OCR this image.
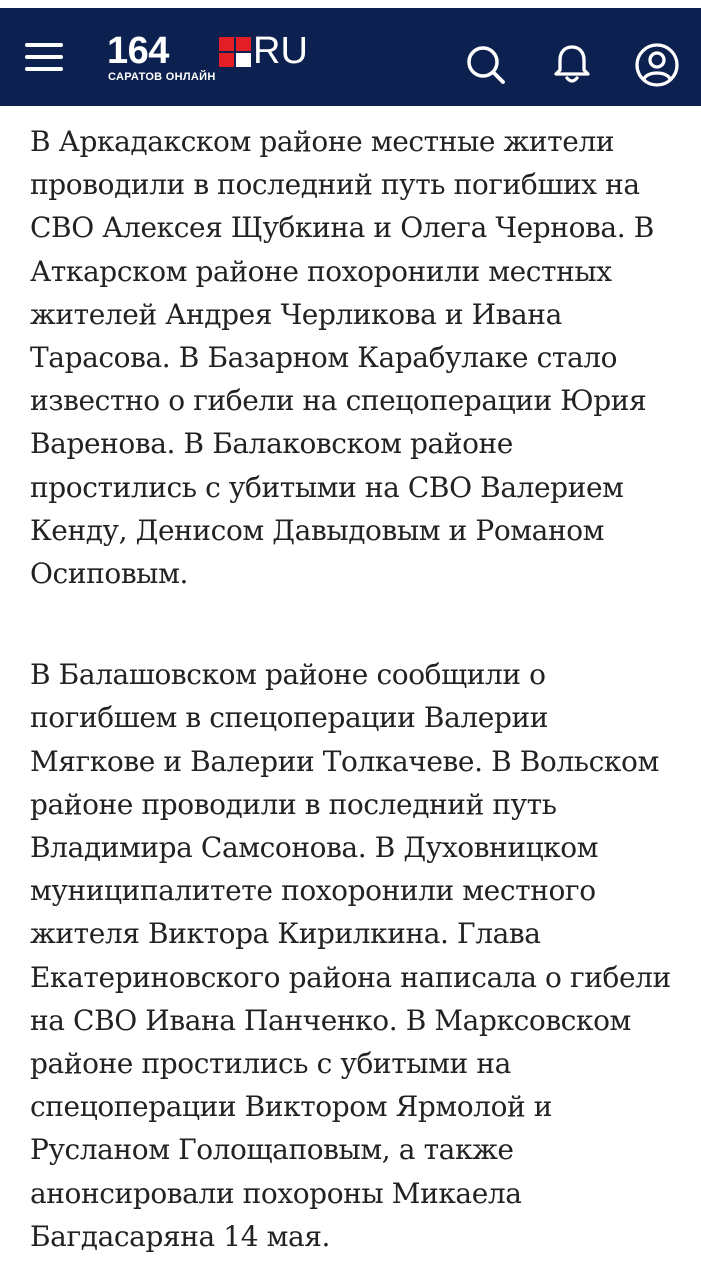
164 RU
САРАТОВ ОНЛАЙН

В Аркадакском районе местные жители проводили в последний путь погибших на СВО Алексея Щубкина и Олега Чернова. В Аткарском районе похоронили местных жителей Андрея Черликова и Ивана Тарасова. В Базарном Карабулаке стало известно о гибели на спецоперации Юрия Варенова. В Балаковском районе простились с убитыми на СВО Валерием Кенду, Денисом Давыдовым и Романом Осиповым.

В Балашовском районе сообщили о погибшем в спецоперации Валерии Мягкове и Валерии Толкачеве. В Вольском районе проводили в последний путь Владимира Самсонова. В Духовницком муниципалитете похоронили местного жителя Виктора Кирилкина. Глава Екатериновского района написала о гибели на СВО Ивана Панченко. В Марксовском районе простились с убитыми на спецоперации Виктором Ярмолой и Русланом Голощаповым, а также анонсировали похороны Микаела Багдасаряна 14 мая.
